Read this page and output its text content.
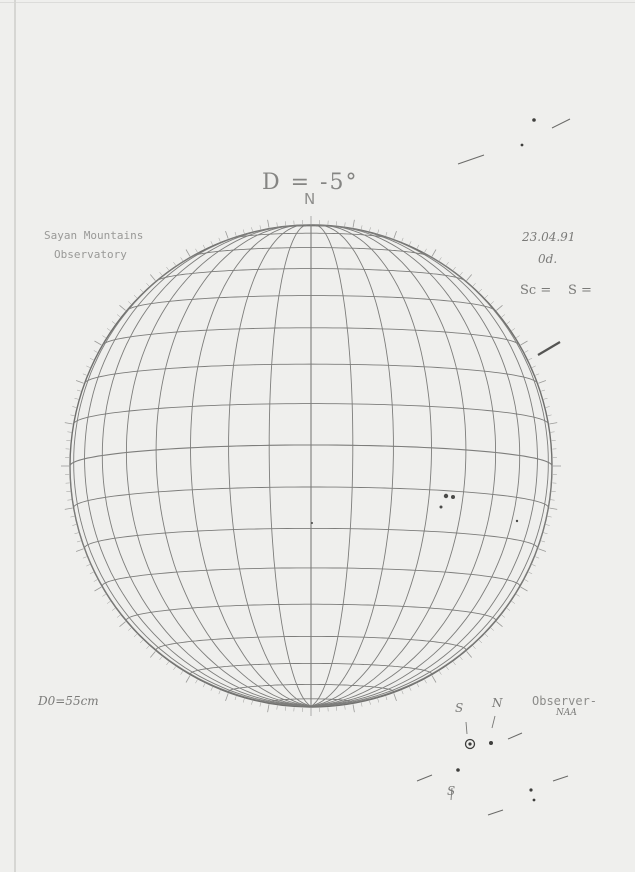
D = -5°
N
Sayan Mountains
Observatory
23.04.91
0d.
Sc = S =
D0=55cm	Observer-
NAA
S N
S
